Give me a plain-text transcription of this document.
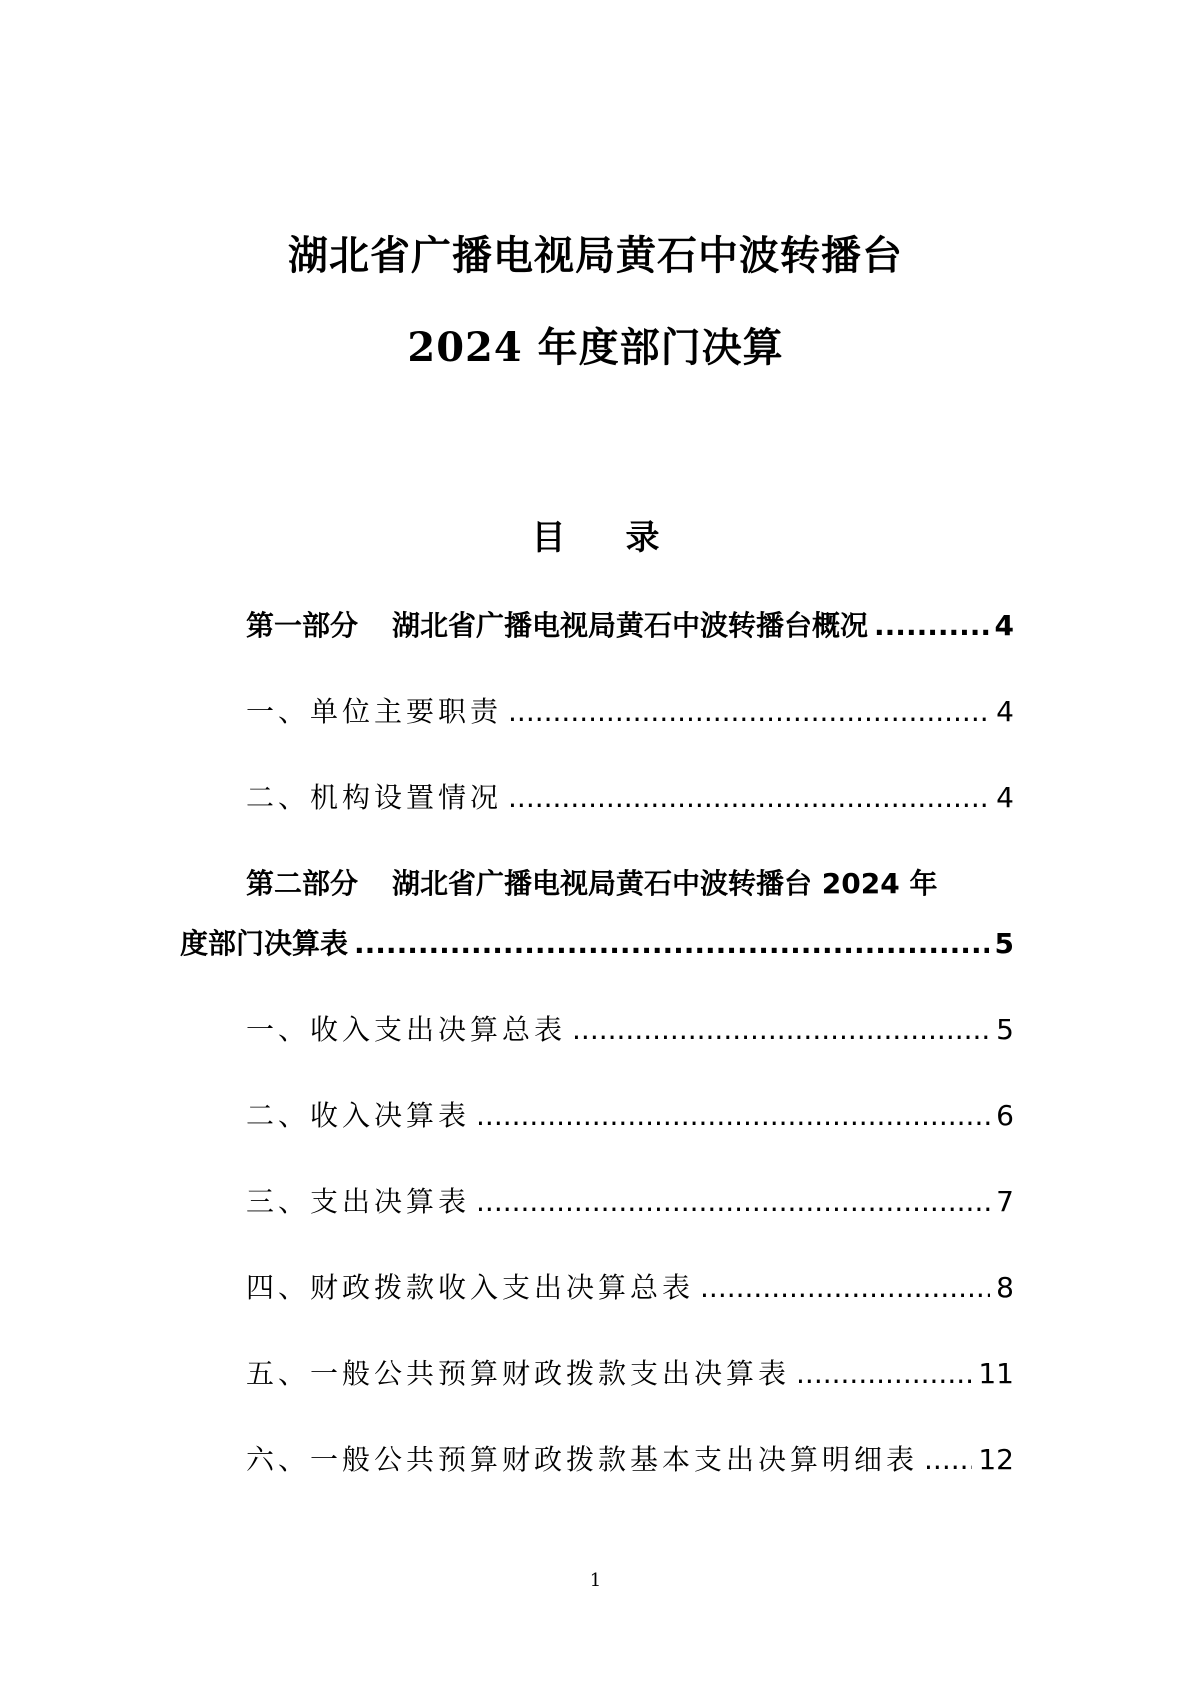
湖北省广播电视局黄石中波转播台
2024 年度部门决算
目录
第一部分 湖北省广播电视局黄石中波转播台概况 .....	4
一、单位主要职责 .....	4
二、机构设置情况 .....	4
第二部分 湖北省广播电视局黄石中波转播台 2024 年
度部门决算表 .....	5
一、收入支出决算总表 .....	5
二、收入决算表 .....	6
三、支出决算表 .....	7
四、财政拨款收入支出决算总表 .....	8
五、一般公共预算财政拨款支出决算表 .....	11
六、一般公共预算财政拨款基本支出决算明细表 ..... 12
1
